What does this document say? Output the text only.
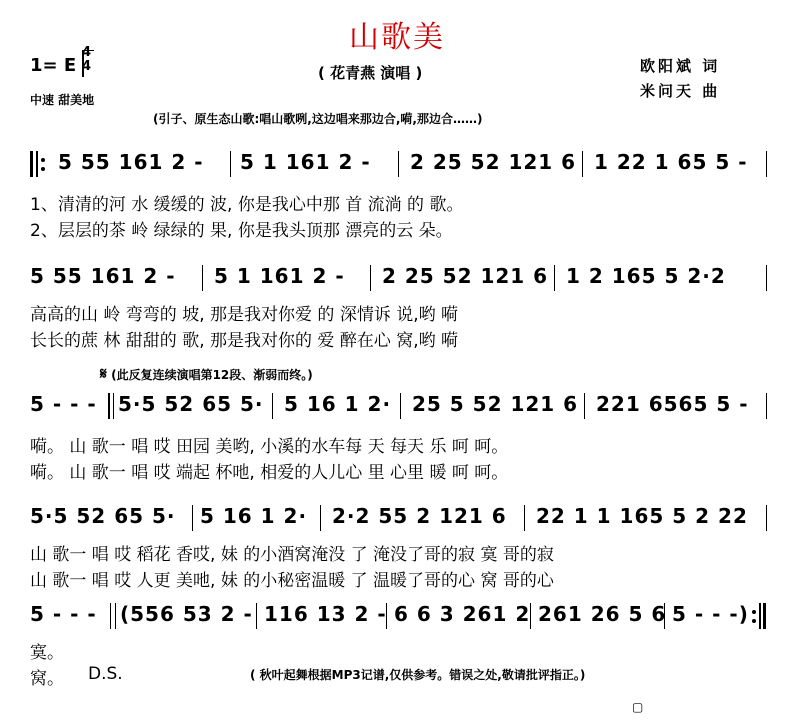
山歌美
1= E
4
4
中速 甜美地
( 花青燕 演唱 )	欧阳斌 词
米问天 曲
(引子、原生态山歌:唱山歌咧,这边唱来那边合,嗬,那边合……)
5 55 161 2 - 5 1 161 2 - 2 25 52 121 6 1 22 1 65 5 -
1、清清的河 水 缓缓的 波, 你是我心中那 首 流淌 的 歌。
2、层层的茶 岭 绿绿的 果, 你是我头顶那 漂亮的云 朵。
5 55 161 2 - 5 1 161 2 - 2 25 52 121 6 1 2 165 5 2·2
高高的山 岭 弯弯的 坡, 那是我对你爱 的 深情诉 说,哟 嗬
长长的蔗 林 甜甜的 歌, 那是我对你的 爱 醉在心 窝,哟 嗬
𝄋 (此反复连续演唱第12段、渐弱而终。)
5 - - - 5·5 52 65 5· 5 16 1 2· 25 5 52 121 6 221 6565 5 -
嗬。 山 歌一 唱 哎 田园 美哟, 小溪的水车每 天 每天 乐 呵 呵。
嗬。 山 歌一 唱 哎 端起 杯吔, 相爱的人儿心 里 心里 暖 呵 呵。
5·5 52 65 5· 5 16 1 2· 2·2 55 2 121 6 22 1 1 165 5 2 22
山 歌一 唱 哎 稻花 香哎, 妹 的小酒窝淹没 了 淹没了哥的寂 寞 哥的寂
山 歌一 唱 哎 人更 美吔, 妹 的小秘密温暖 了 温暖了哥的心 窝 哥的心
5 - - - (556 53 2 - 116 13 2 - 6 6 3 261 2 261 26 5 6 5 - - -)
寞。
窝。 D.S.	( 秋叶起舞根据MP3记谱,仅供参考。错误之处,敬请批评指正。)
▢
